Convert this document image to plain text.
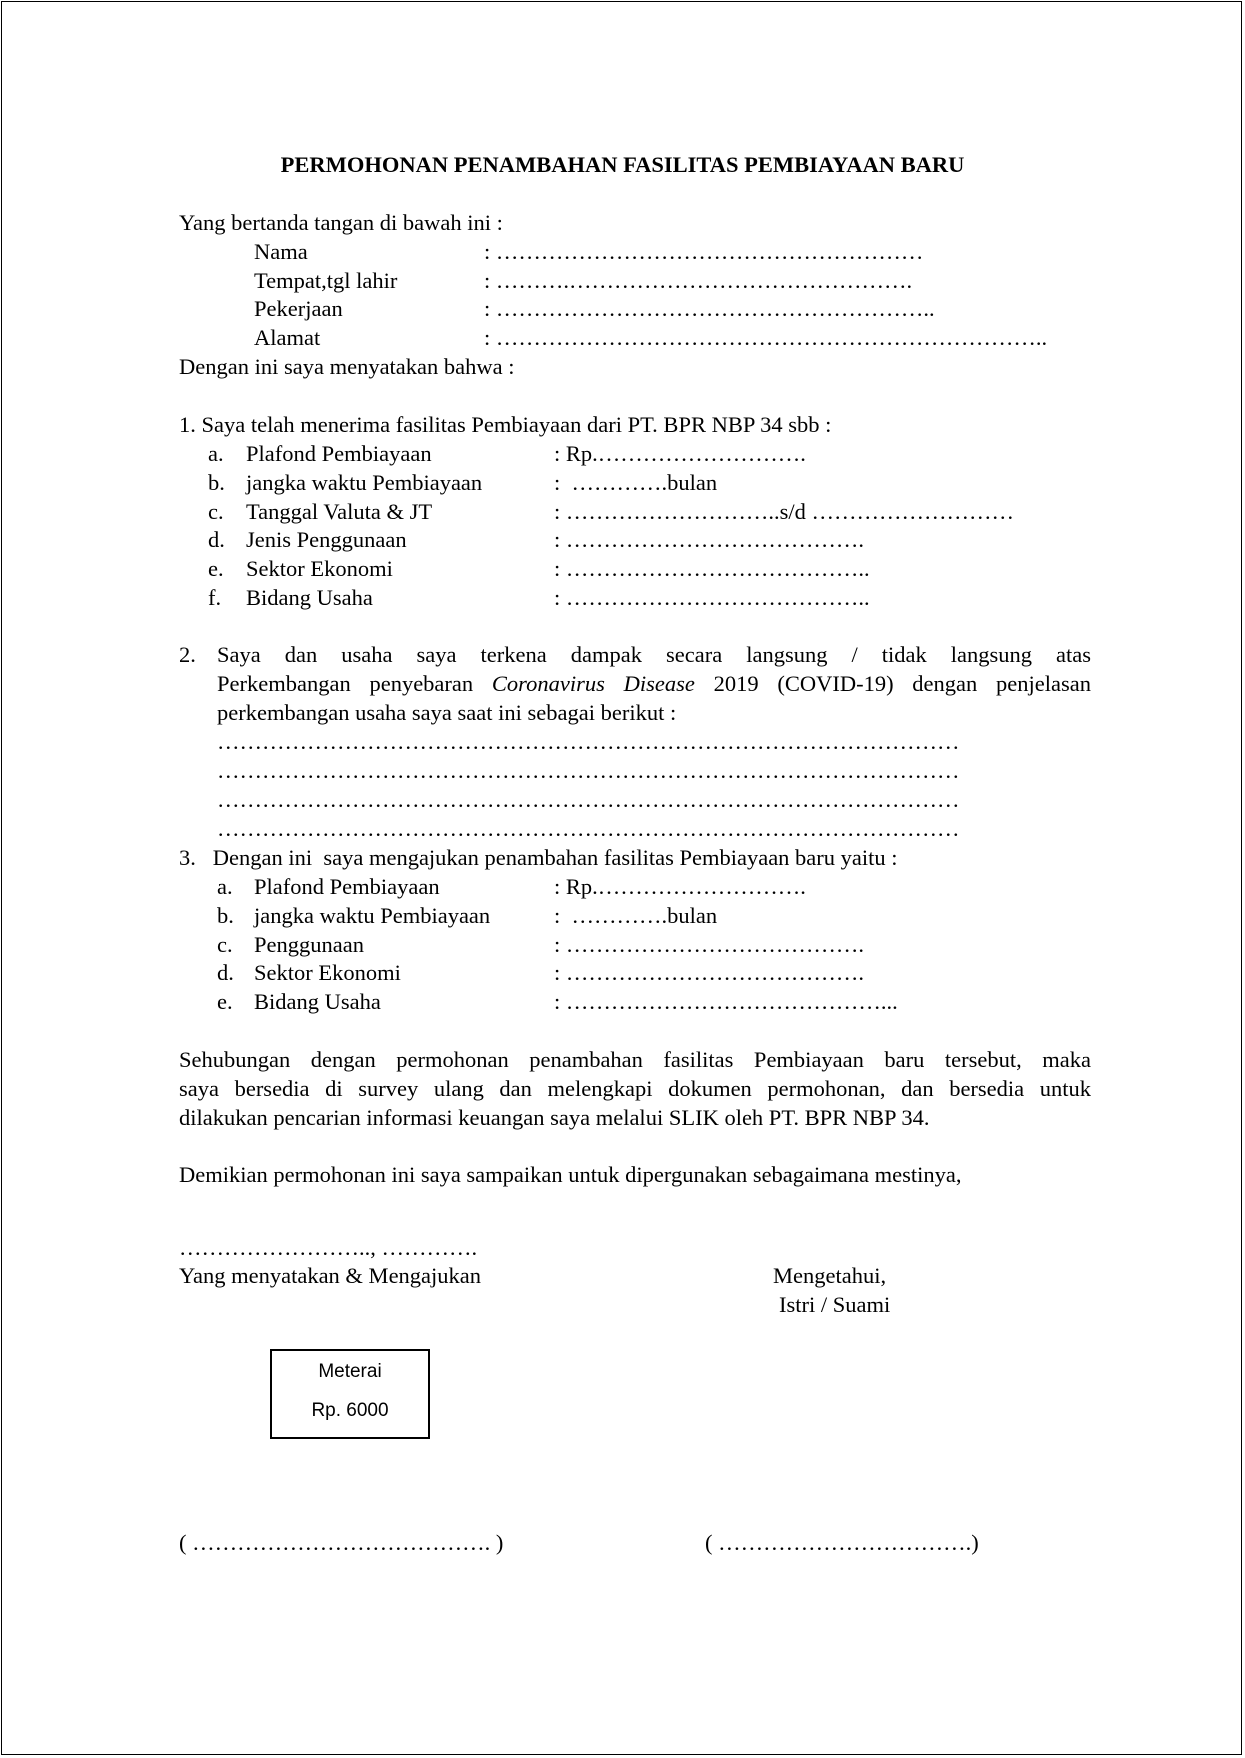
PERMOHONAN PENAMBAHAN FASILITAS PEMBIAYAAN BARU
Yang bertanda tangan di bawah ini :
Nama	: …………………………………………………
Tempat,tgl lahir	: ……….……………………………………….
Pekerjaan	: …………………………………………………..
Alamat	: ………………………………………………………………..
Dengan ini saya menyatakan bahwa :
1. Saya telah menerima fasilitas Pembiayaan dari PT. BPR NBP 34 sbb :
a. Plafond Pembiayaan	: Rp.……………………….
b. jangka waktu Pembiayaan	:  ………….bulan
c. Tanggal Valuta & JT	: ………………………..s/d ………………………
d. Jenis Penggunaan	: ………………………………….
e. Sektor Ekonomi	: …………………………………..
f. Bidang Usaha	: …………………………………..
2. Saya dan usaha saya terkena dampak secara langsung / tidak langsung atas
Perkembangan penyebaran Coronavirus Disease 2019 (COVID-19) dengan penjelasan
perkembangan usaha saya saat ini sebagai berikut :
………………………………………………………………………………………
………………………………………………………………………………………
………………………………………………………………………………………
………………………………………………………………………………………
3.   Dengan ini  saya mengajukan penambahan fasilitas Pembiayaan baru yaitu :
a. Plafond Pembiayaan	: Rp.……………………….
b. jangka waktu Pembiayaan	:  ………….bulan
c. Penggunaan	: ………………………………….
d. Sektor Ekonomi	: ………………………………….
e. Bidang Usaha	: ……………………………………...
Sehubungan dengan permohonan penambahan fasilitas Pembiayaan baru tersebut, maka
saya bersedia di survey ulang dan melengkapi dokumen permohonan, dan bersedia untuk
dilakukan pencarian informasi keuangan saya melalui SLIK oleh PT. BPR NBP 34.
Demikian permohonan ini saya sampaikan untuk dipergunakan sebagaimana mestinya,
…………………….., ………….
Yang menyatakan & Mengajukan	Mengetahui,
Istri / Suami
Meterai
Rp. 6000
( …………………………………. )	( …………………………….)
